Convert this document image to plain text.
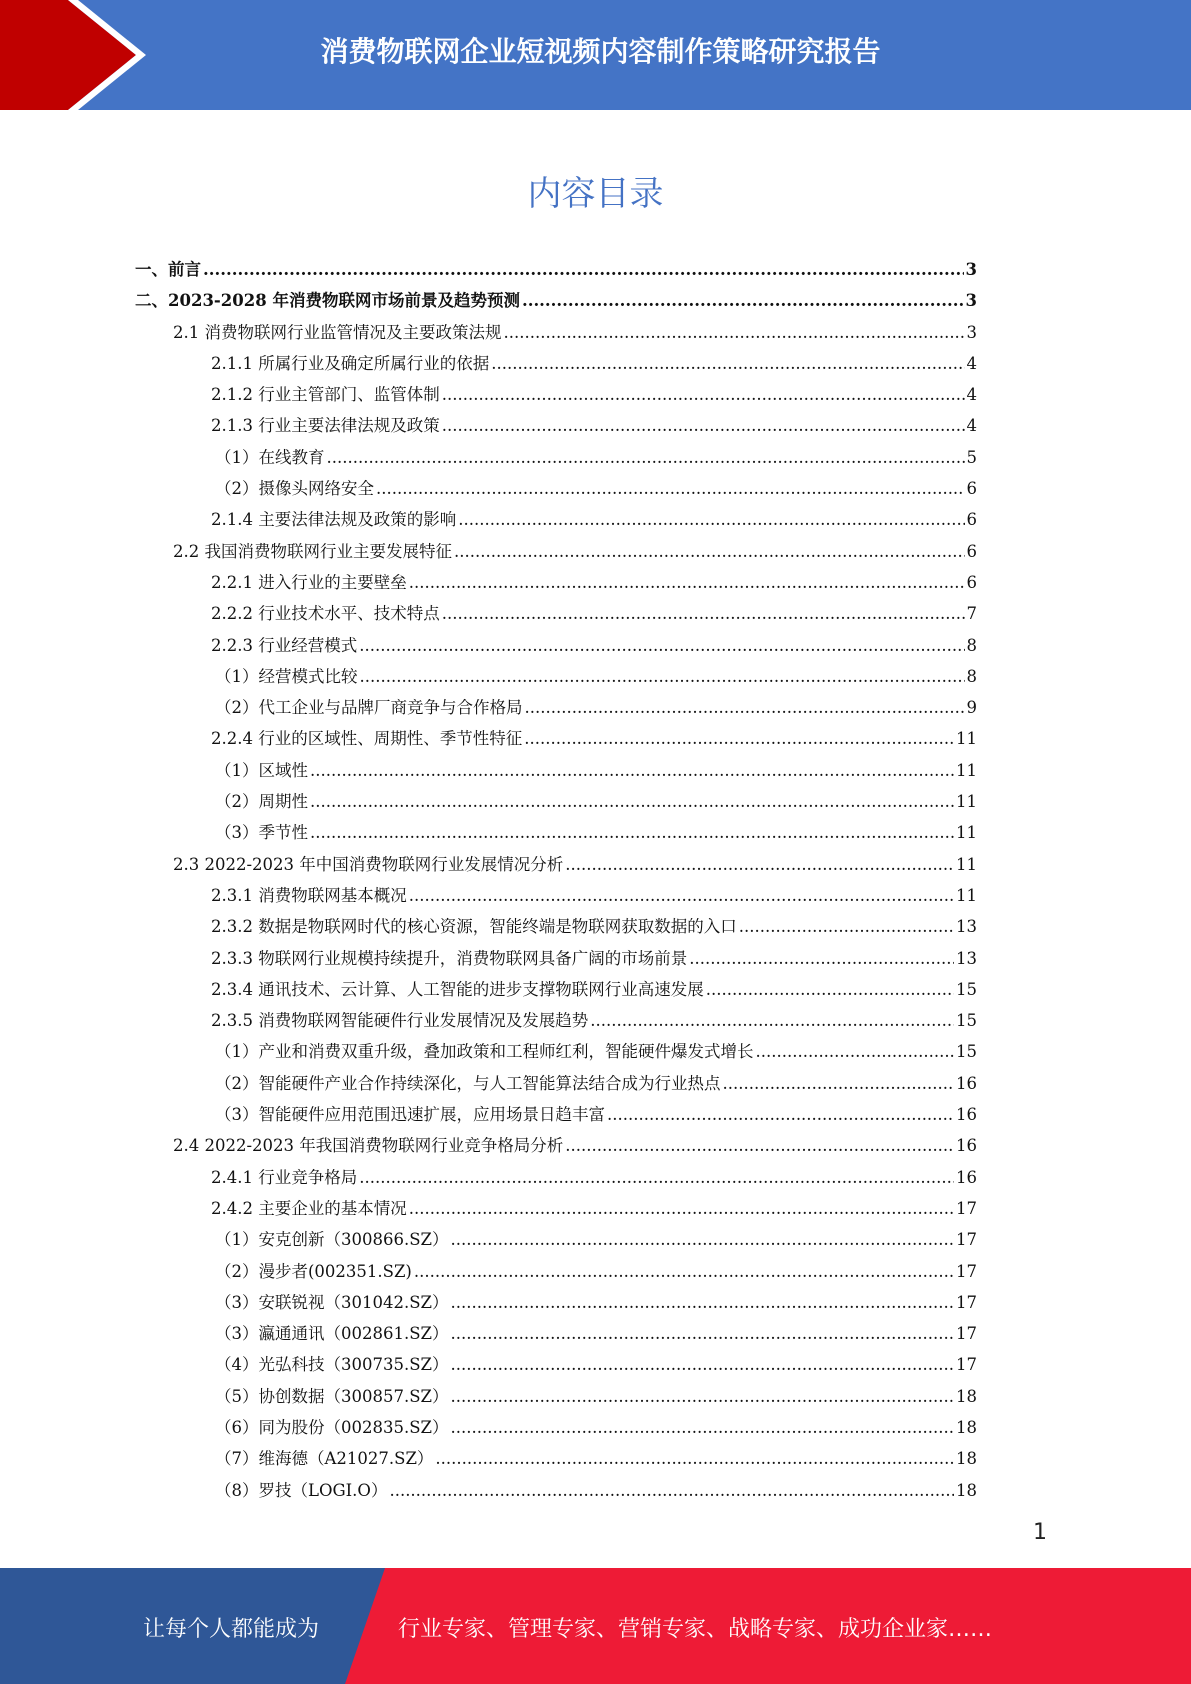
消费物联网企业短视频内容制作策略研究报告
内容目录
一、前言 .....	3
二、2023-2028 年消费物联网市场前景及趋势预测 .....	3
2.1 消费物联网行业监管情况及主要政策法规 .....	3
2.1.1 所属行业及确定所属行业的依据 .....	4
2.1.2 行业主管部门、监管体制 .....	4
2.1.3 行业主要法律法规及政策 .....	4
（1）在线教育 .....	5
（2）摄像头网络安全 .....	6
2.1.4 主要法律法规及政策的影响 .....	6
2.2 我国消费物联网行业主要发展特征 .....	6
2.2.1 进入行业的主要壁垒 .....	6
2.2.2 行业技术水平、技术特点 .....	7
2.2.3 行业经营模式 .....	8
（1）经营模式比较 .....	8
（2）代工企业与品牌厂商竞争与合作格局 .....	9
2.2.4 行业的区域性、周期性、季节性特征 .....	11
（1）区域性 .....	11
（2）周期性 .....	11
（3）季节性 .....	11
2.3 2022-2023 年中国消费物联网行业发展情况分析 .....	11
2.3.1 消费物联网基本概况 .....	11
2.3.2 数据是物联网时代的核心资源，智能终端是物联网获取数据的入口 .....	13
2.3.3 物联网行业规模持续提升，消费物联网具备广阔的市场前景 .....	13
2.3.4 通讯技术、云计算、人工智能的进步支撑物联网行业高速发展 .....	15
2.3.5 消费物联网智能硬件行业发展情况及发展趋势 .....	15
（1）产业和消费双重升级，叠加政策和工程师红利，智能硬件爆发式增长 .....	15
（2）智能硬件产业合作持续深化，与人工智能算法结合成为行业热点 .....	16
（3）智能硬件应用范围迅速扩展，应用场景日趋丰富 .....	16
2.4 2022-2023 年我国消费物联网行业竞争格局分析 .....	16
2.4.1 行业竞争格局 .....	16
2.4.2 主要企业的基本情况 .....	17
（1）安克创新（300866.SZ） .....	17
（2）漫步者(002351.SZ) .....	17
（3）安联锐视（301042.SZ） .....	17
（3）瀛通通讯（002861.SZ） .....	17
（4）光弘科技（300735.SZ） .....	17
（5）协创数据（300857.SZ） .....	18
（6）同为股份（002835.SZ） .....	18
（7）维海德（A21027.SZ） .....	18
（8）罗技（LOGI.O） .....	18
1
让每个人都能成为	行业专家、管理专家、营销专家、战略专家、成功企业家……
